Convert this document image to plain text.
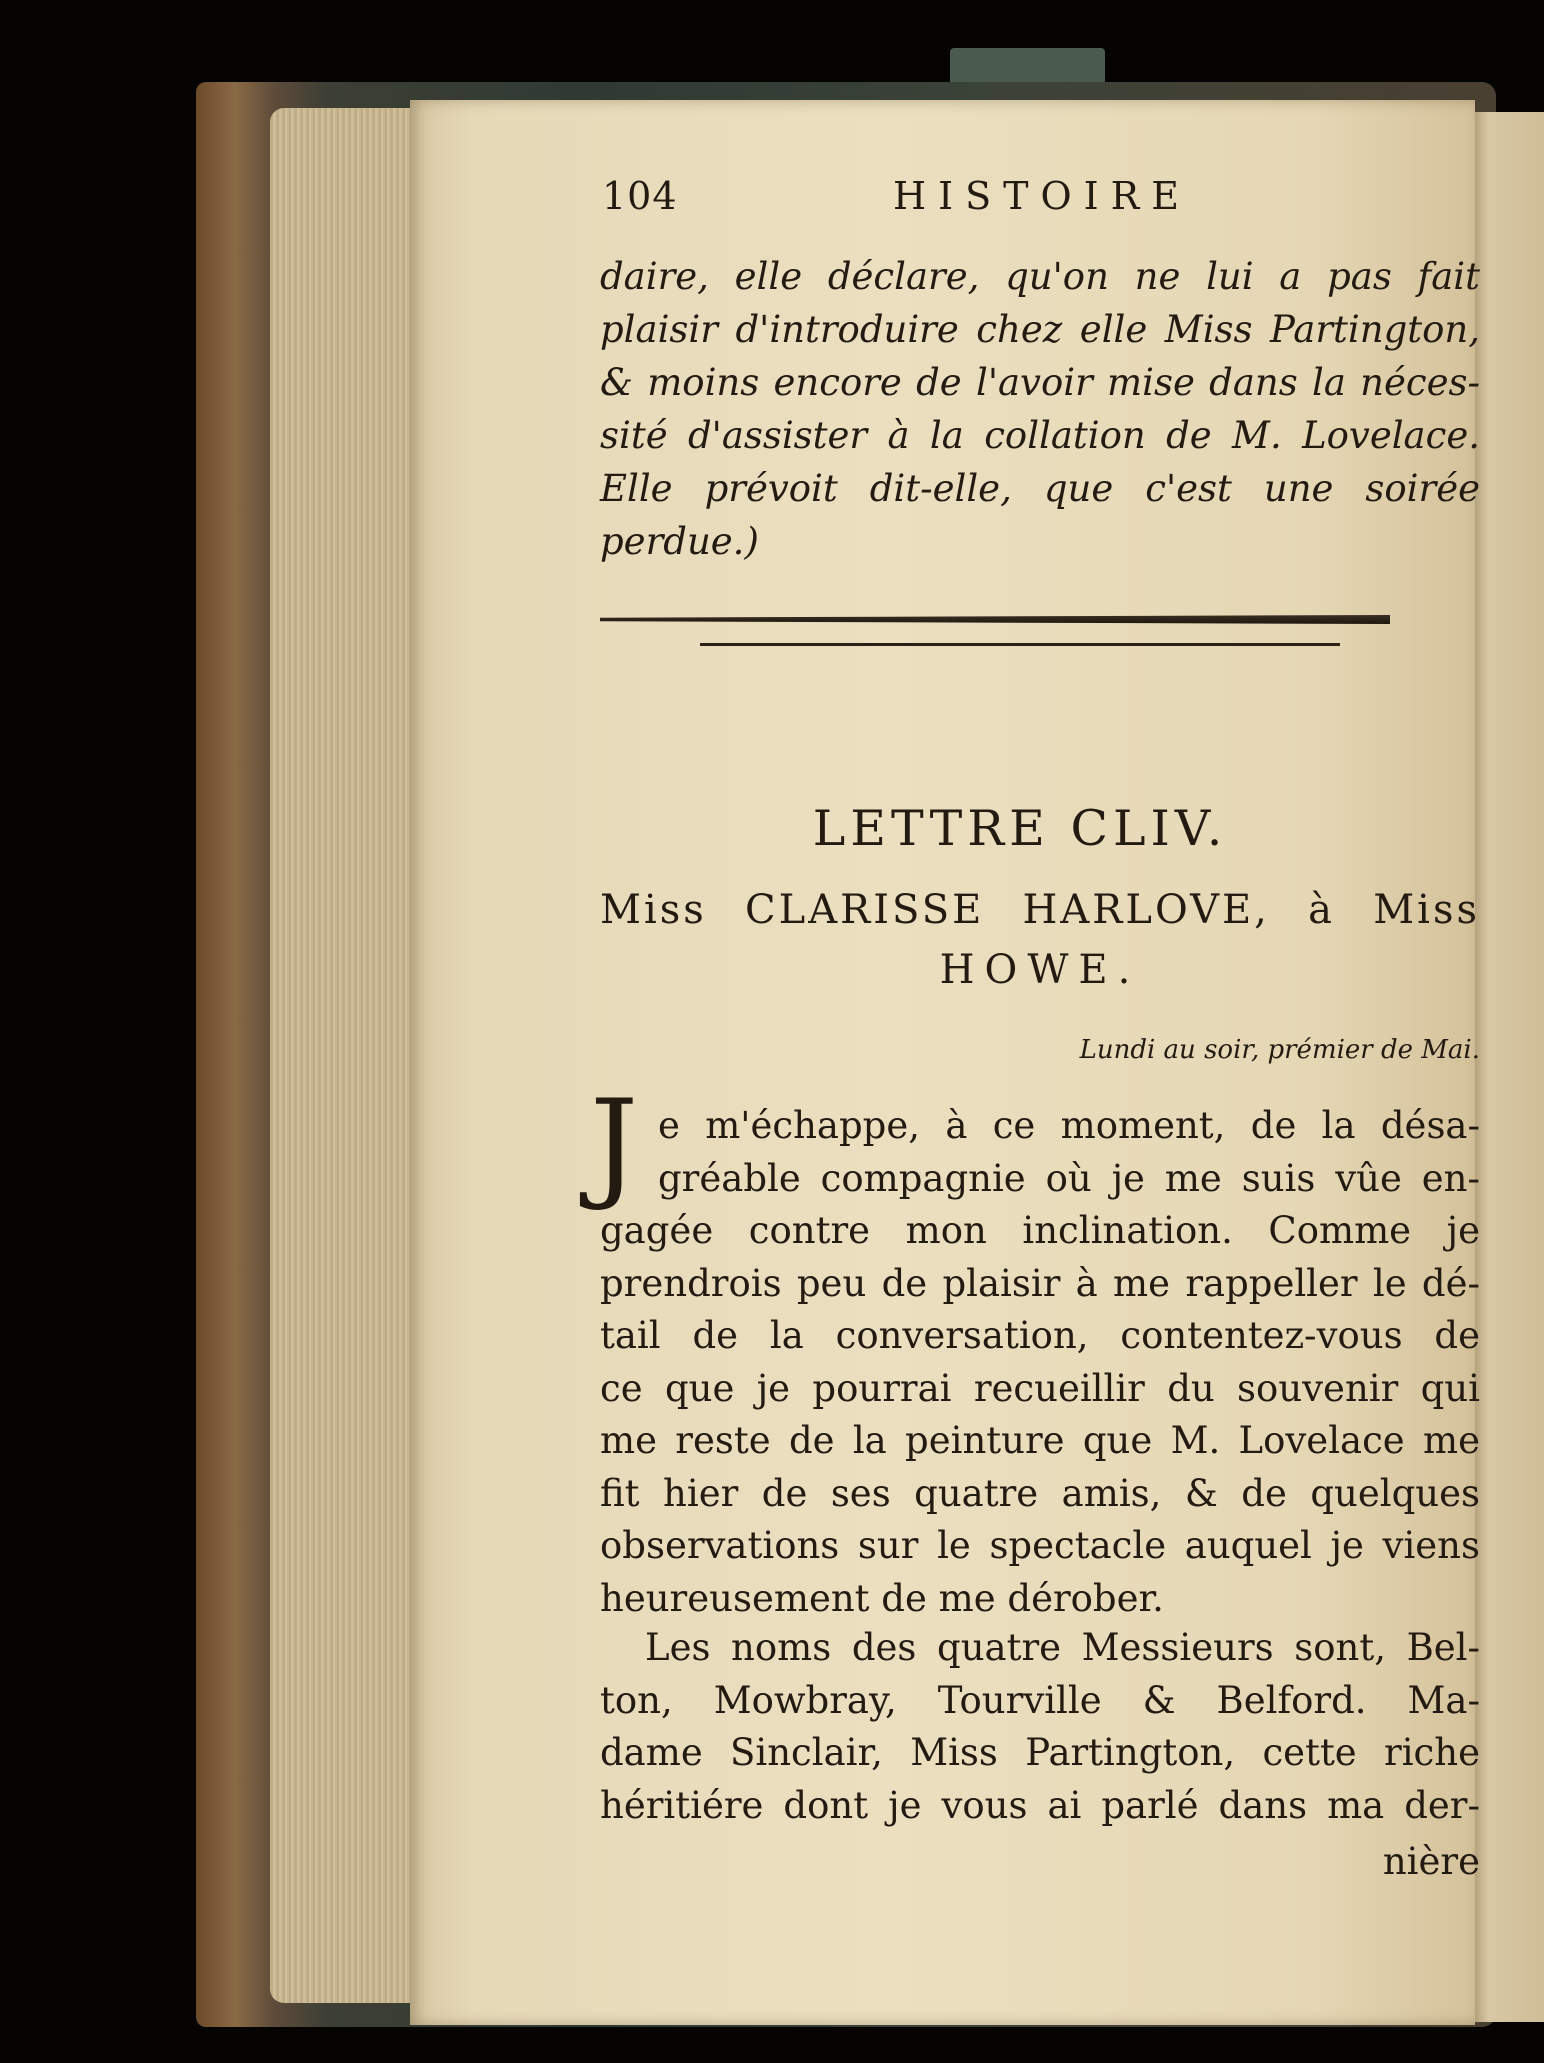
104	HISTOIRE
daire, elle déclare, qu'on ne lui a pas fait
plaisir d'introduire chez elle Miss Partington,
& moins encore de l'avoir mise dans la néces-
sité d'assister à la collation de M. Lovelace.
Elle prévoit dit-elle, que c'est une soirée
perdue.)
LETTRE CLIV.
Miss CLARISSE HARLOVE, à Miss
HOWE.
Lundi au soir, prémier de Mai.
J e m'échappe, à ce moment, de la désa-
gréable compagnie où je me suis vûe en-
gagée contre mon inclination. Comme je
prendrois peu de plaisir à me rappeller le dé-
tail de la conversation, contentez-vous de
ce que je pourrai recueillir du souvenir qui
me reste de la peinture que M. Lovelace me
fit hier de ses quatre amis, & de quelques
observations sur le spectacle auquel je viens
heureusement de me dérober.
Les noms des quatre Messieurs sont, Bel-
ton, Mowbray, Tourville & Belford. Ma-
dame Sinclair, Miss Partington, cette riche
héritiére dont je vous ai parlé dans ma der-
nière
